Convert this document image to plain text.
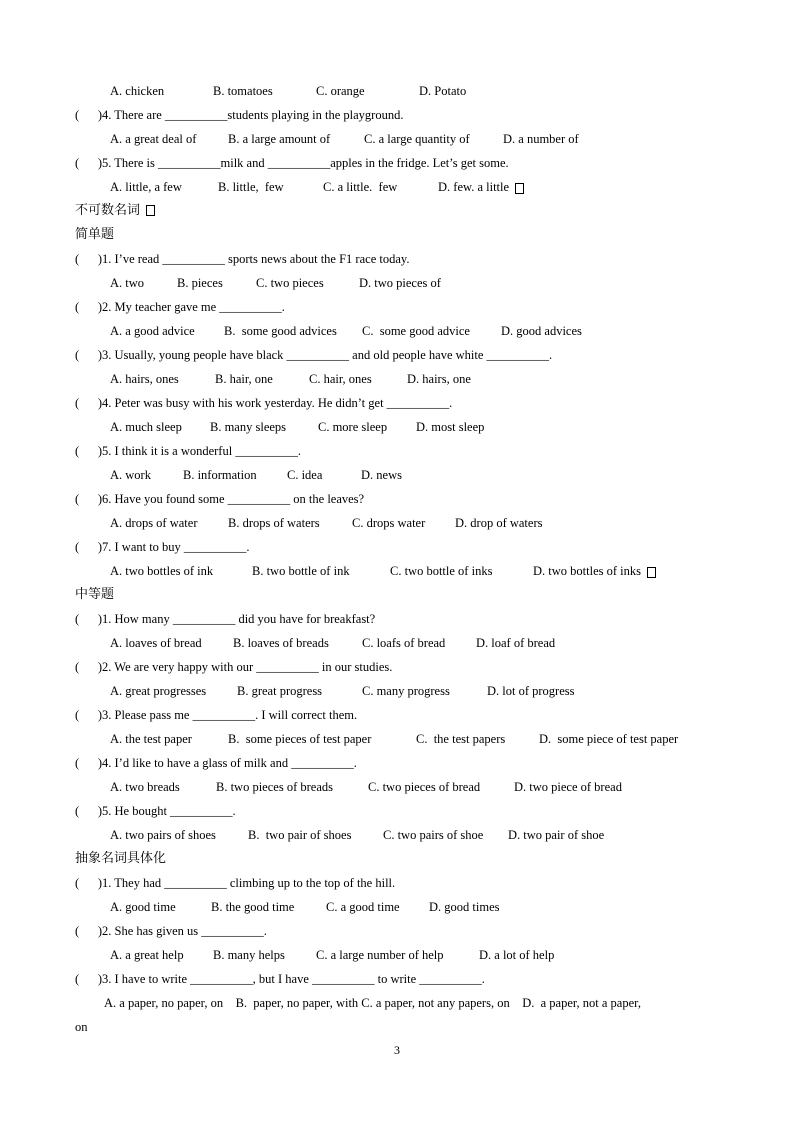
A. chicken	B. tomatoes	C. orange	D. Potato
(      ) 4. There are __________students playing in the playground.
A. a great deal of	B. a large amount of	C. a large quantity of	D. a number of
(      ) 5. There is __________milk and __________apples in the fridge. Let’s get some.
A. little, a few	B. little,  few	C. a little.  few	D. few. a little
不可数名词
简单题
(      ) 1. I’ve read __________ sports news about the F1 race today.
A. two	B. pieces	C. two pieces	D. two pieces of
(      ) 2. My teacher gave me __________.
A. a good advice B.  some good advices C.  some good advice D. good advices
(      ) 3. Usually, young people have black __________ and old people have white __________.
A. hairs, ones	B. hair, one	C. hair, ones	D. hairs, one
(      ) 4. Peter was busy with his work yesterday. He didn’t get __________.
A. much sleep B. many sleeps	C. more sleep D. most sleep
(      ) 5. I think it is a wonderful __________.
A. work	B. information C. idea	D. news
(      ) 6. Have you found some __________ on the leaves?
A. drops of water B. drops of waters	C. drops water D. drop of waters
(      ) 7. I want to buy __________.
A. two bottles of ink	B. two bottle of ink	C. two bottle of inks	D. two bottles of inks
中等题
(      ) 1. How many __________ did you have for breakfast?
A. loaves of bread	B. loaves of breads	C. loafs of bread D. loaf of bread
(      ) 2. We are very happy with our __________ in our studies.
A. great progresses B. great progress	C. many progress	D. lot of progress
(      ) 3. Please pass me __________. I will correct them.
A. the test paper	B.  some pieces of test paper	C.  the test papers	D.  some piece of test paper
(      ) 4. I’d like to have a glass of milk and __________.
A. two breads	B. two pieces of breads	C. two pieces of bread	D. two piece of bread
(      ) 5. He bought __________.
A. two pairs of shoes	B.  two pair of shoes	C. two pairs of shoe D. two pair of shoe
抽象名词具体化
(      ) 1. They had __________ climbing up to the top of the hill.
A. good time	B. the good time	C. a good time D. good times
(      ) 2. She has given us __________.
A. a great help B. many helps C. a large number of help	D. a lot of help
(      ) 3. I have to write __________, but I have __________ to write __________.
A. a paper, no paper, on    B.  paper, no paper, with C. a paper, not any papers, on    D.  a paper, not a paper,
on
3
